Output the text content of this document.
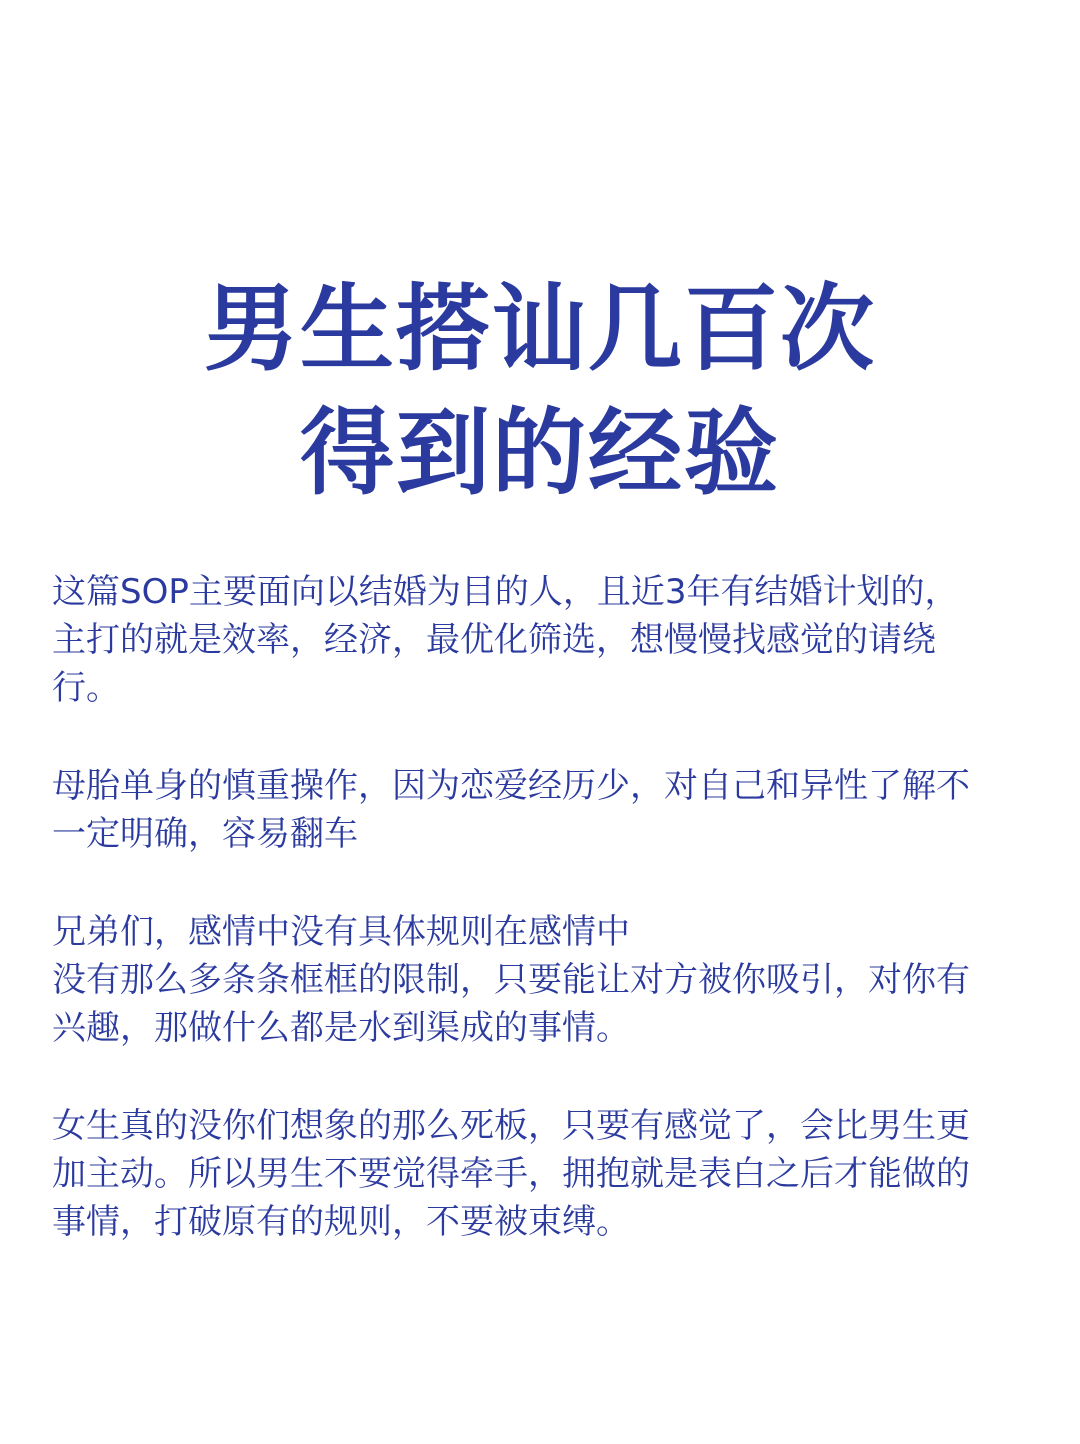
男生搭讪几百次
得到的经验

这篇SOP主要面向以结婚为目的人，且近3年有结婚计划的，
主打的就是效率，经济，最优化筛选，想慢慢找感觉的请绕
行。

母胎单身的慎重操作，因为恋爱经历少，对自己和异性了解不
一定明确，容易翻车

兄弟们，感情中没有具体规则在感情中
没有那么多条条框框的限制，只要能让对方被你吸引，对你有
兴趣，那做什么都是水到渠成的事情。

女生真的没你们想象的那么死板，只要有感觉了，会比男生更
加主动。所以男生不要觉得牵手，拥抱就是表白之后才能做的
事情，打破原有的规则，不要被束缚。
